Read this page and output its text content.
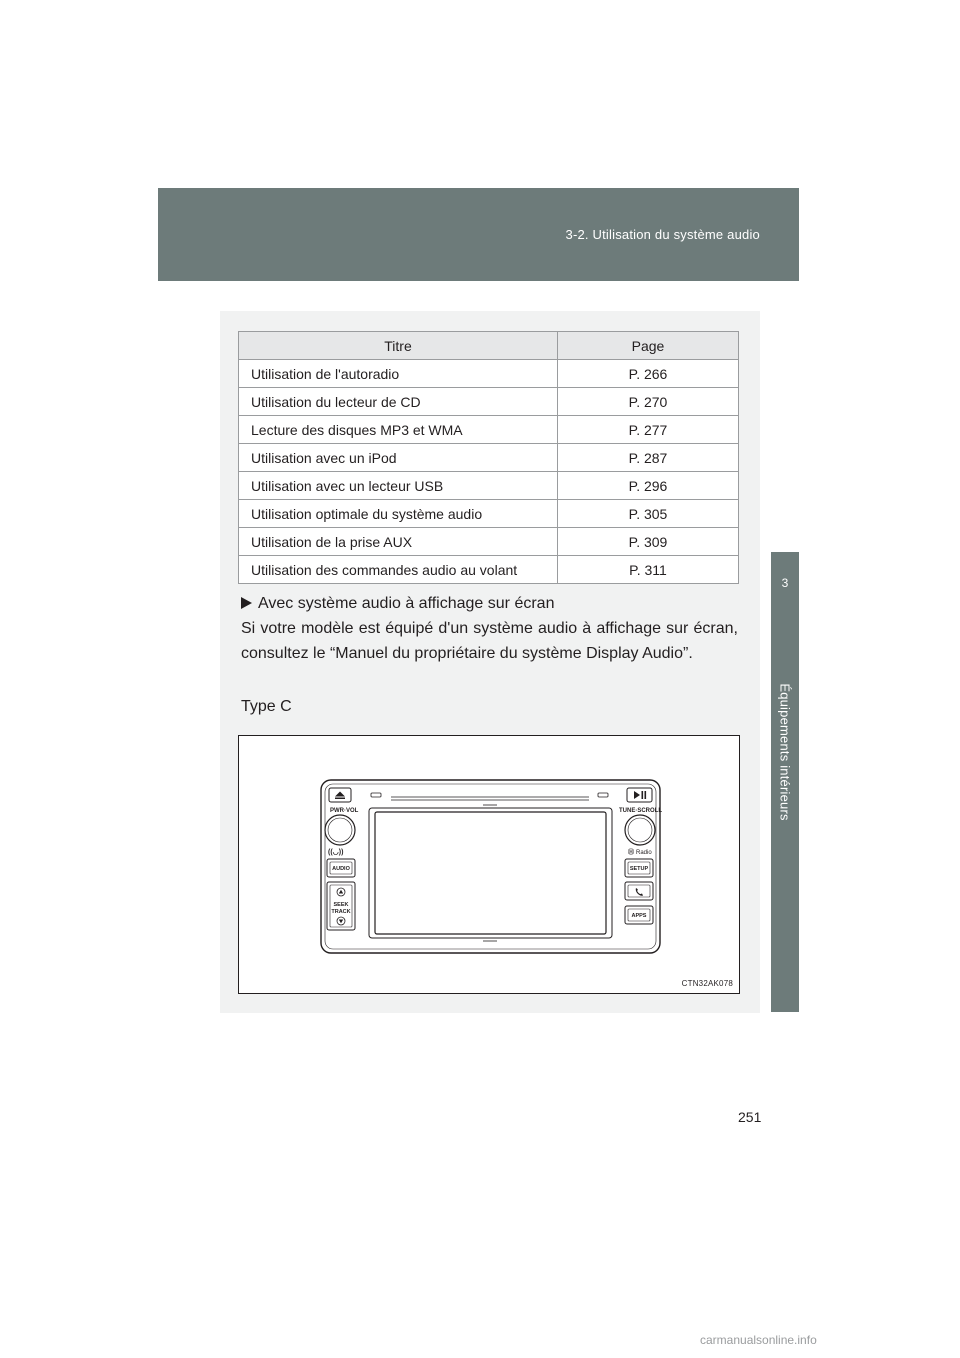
3-2. Utilisation du système audio
3
Équipements intérieurs
Titre	Page
Utilisation de l'autoradio	P. 266
Utilisation du lecteur de CD	P. 270
Lecture des disques MP3 et WMA	P. 277
Utilisation avec un iPod	P. 287
Utilisation avec un lecteur USB	P. 296
Utilisation optimale du système audio	P. 305
Utilisation de la prise AUX	P. 309
Utilisation des commandes audio au volant	P. 311
Avec système audio à affichage sur écran
Si votre modèle est équipé d'un système audio à affichage sur écran, consultez le “Manuel du propriétaire du système Display Audio”.
Type C
PWR·VOL	TUNE·SCROLL
((◡))	Ⓗ Radio
AUDIO
SEEK
TRACK
SETUP
APPS
CTN32AK078
251
carmanualsonline.info
